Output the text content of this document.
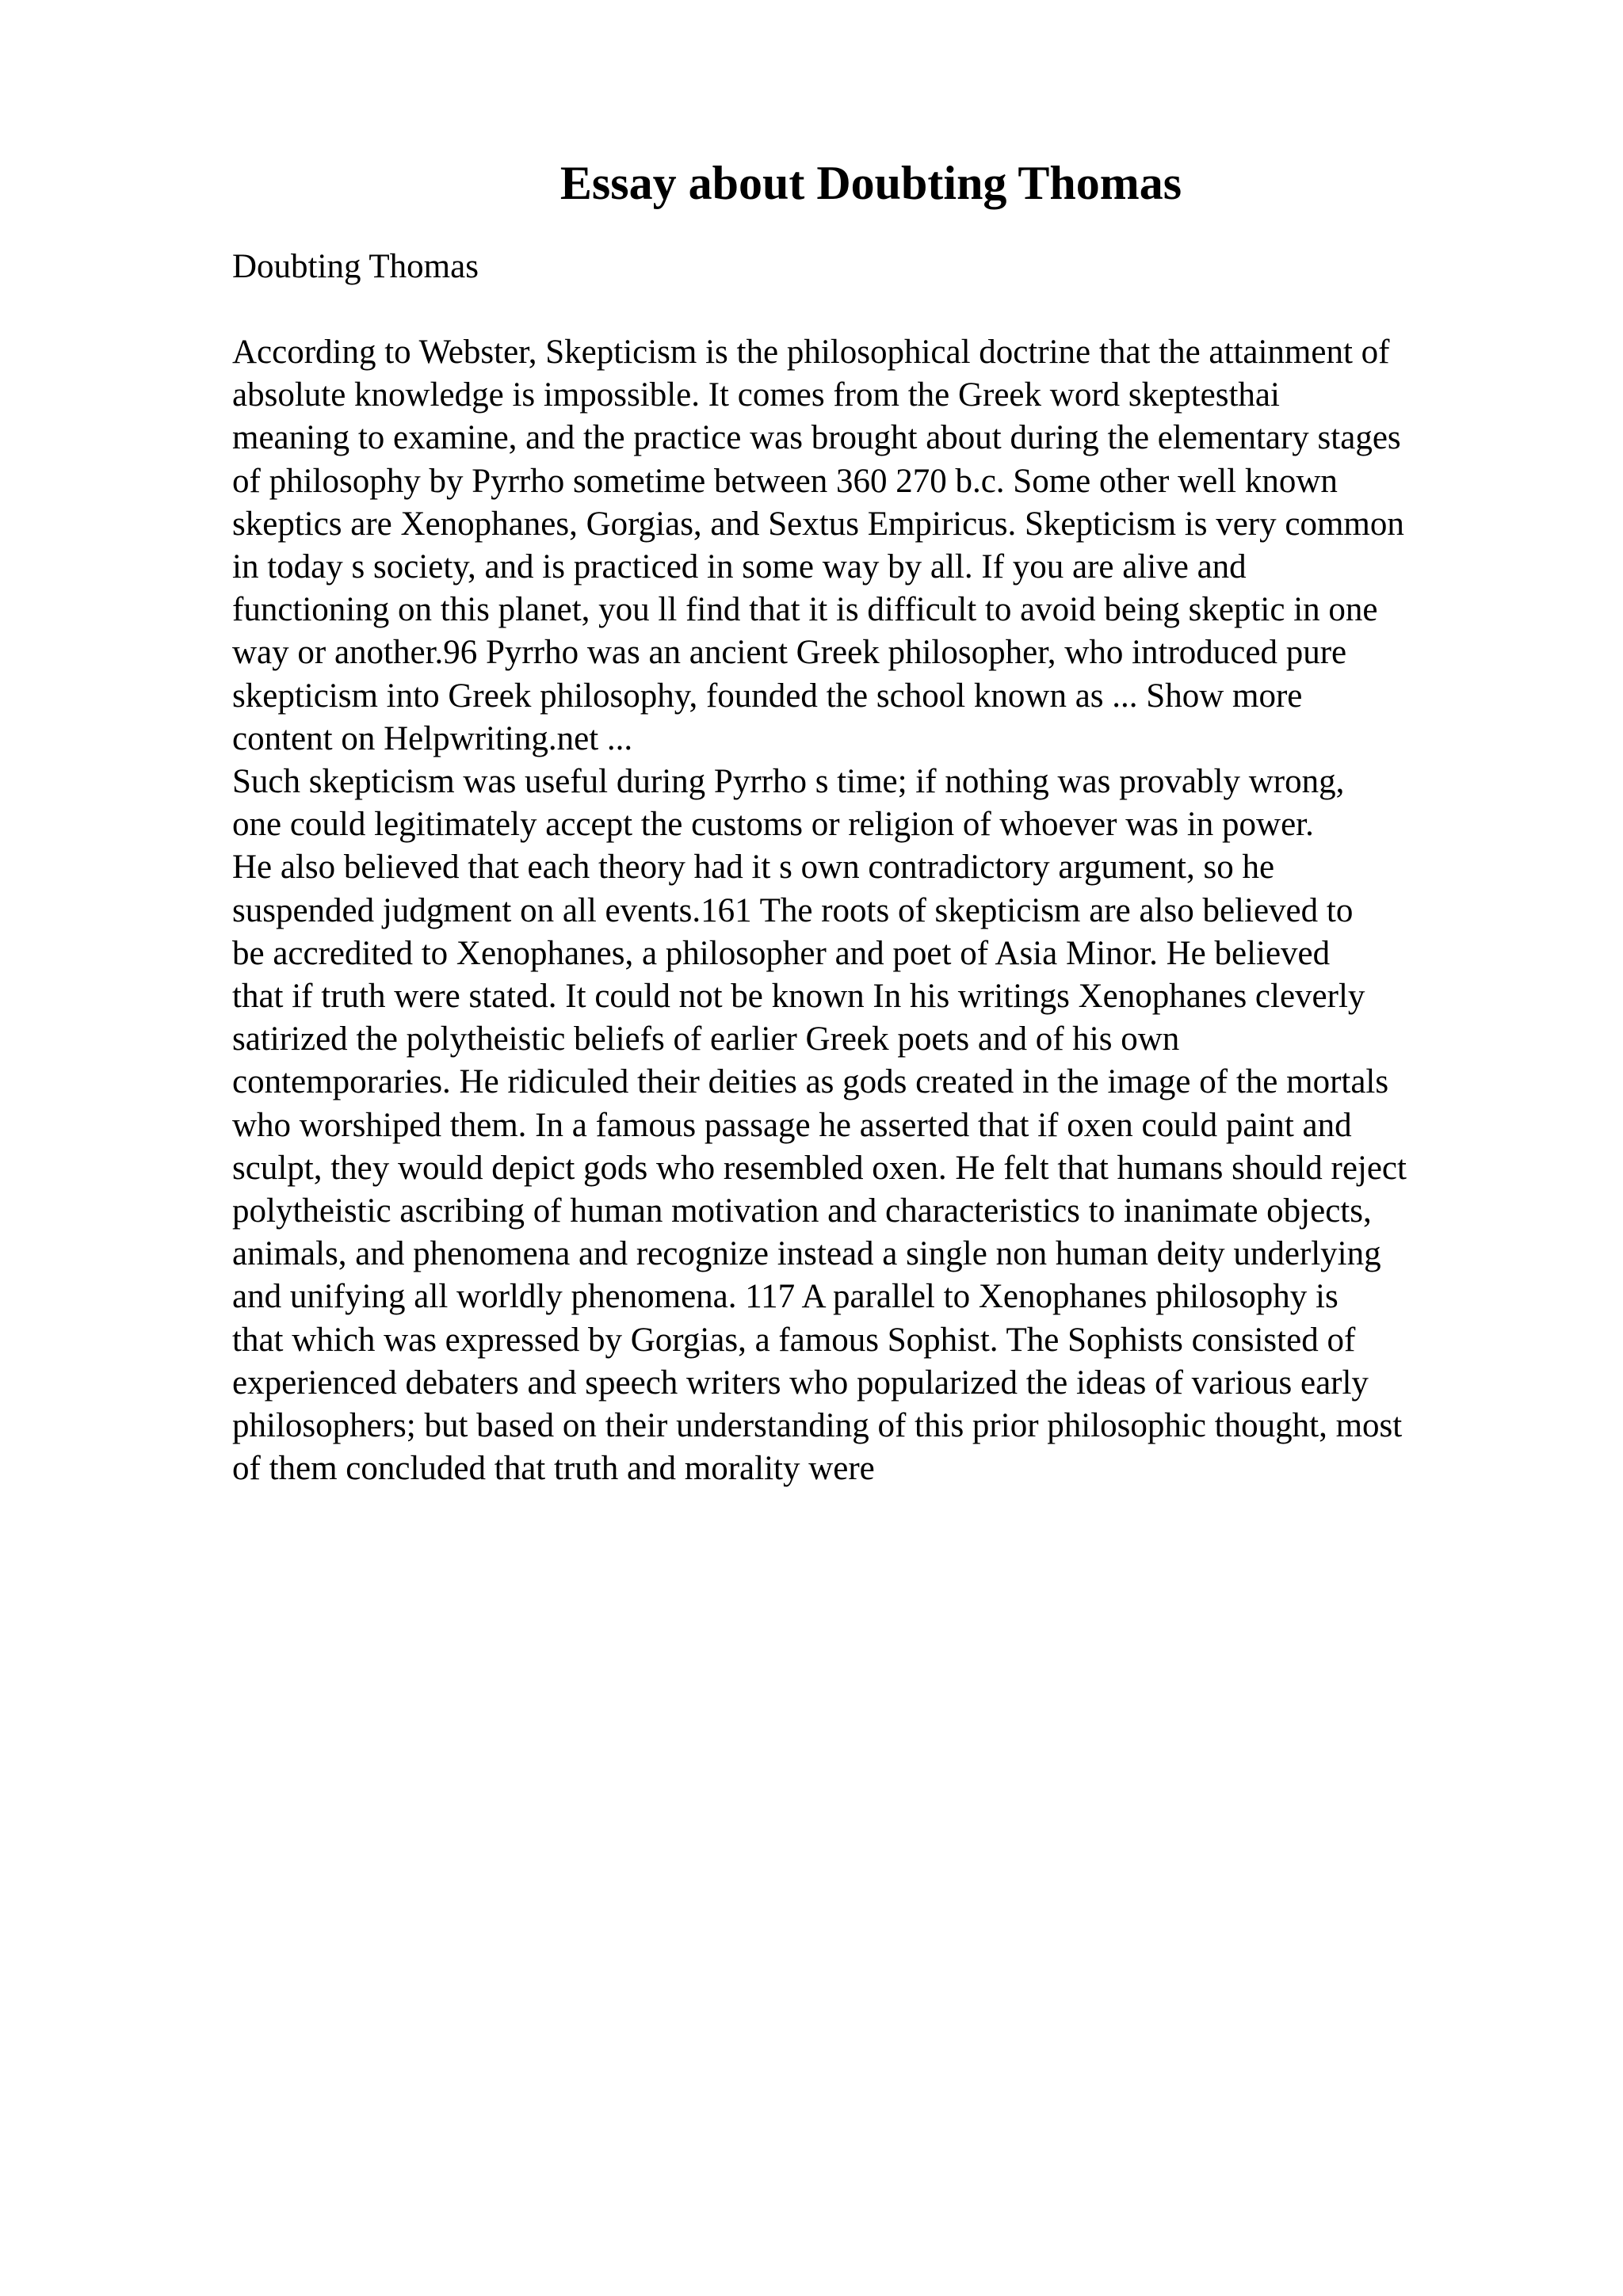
Essay about Doubting Thomas

Doubting Thomas

According to Webster, Skepticism is the philosophical doctrine that the attainment of
absolute knowledge is impossible. It comes from the Greek word skeptesthai
meaning to examine, and the practice was brought about during the elementary stages
of philosophy by Pyrrho sometime between 360 270 b.c. Some other well known
skeptics are Xenophanes, Gorgias, and Sextus Empiricus. Skepticism is very common
in today s society, and is practiced in some way by all. If you are alive and
functioning on this planet, you ll find that it is difficult to avoid being skeptic in one
way or another.96 Pyrrho was an ancient Greek philosopher, who introduced pure
skepticism into Greek philosophy, founded the school known as ... Show more
content on Helpwriting.net ...
Such skepticism was useful during Pyrrho s time; if nothing was provably wrong,
one could legitimately accept the customs or religion of whoever was in power.
He also believed that each theory had it s own contradictory argument, so he
suspended judgment on all events.161 The roots of skepticism are also believed to
be accredited to Xenophanes, a philosopher and poet of Asia Minor. He believed
that if truth were stated. It could not be known In his writings Xenophanes cleverly
satirized the polytheistic beliefs of earlier Greek poets and of his own
contemporaries. He ridiculed their deities as gods created in the image of the mortals
who worshiped them. In a famous passage he asserted that if oxen could paint and
sculpt, they would depict gods who resembled oxen. He felt that humans should reject
polytheistic ascribing of human motivation and characteristics to inanimate objects,
animals, and phenomena and recognize instead a single non human deity underlying
and unifying all worldly phenomena. 117 A parallel to Xenophanes philosophy is
that which was expressed by Gorgias, a famous Sophist. The Sophists consisted of
experienced debaters and speech writers who popularized the ideas of various early
philosophers; but based on their understanding of this prior philosophic thought, most
of them concluded that truth and morality were
